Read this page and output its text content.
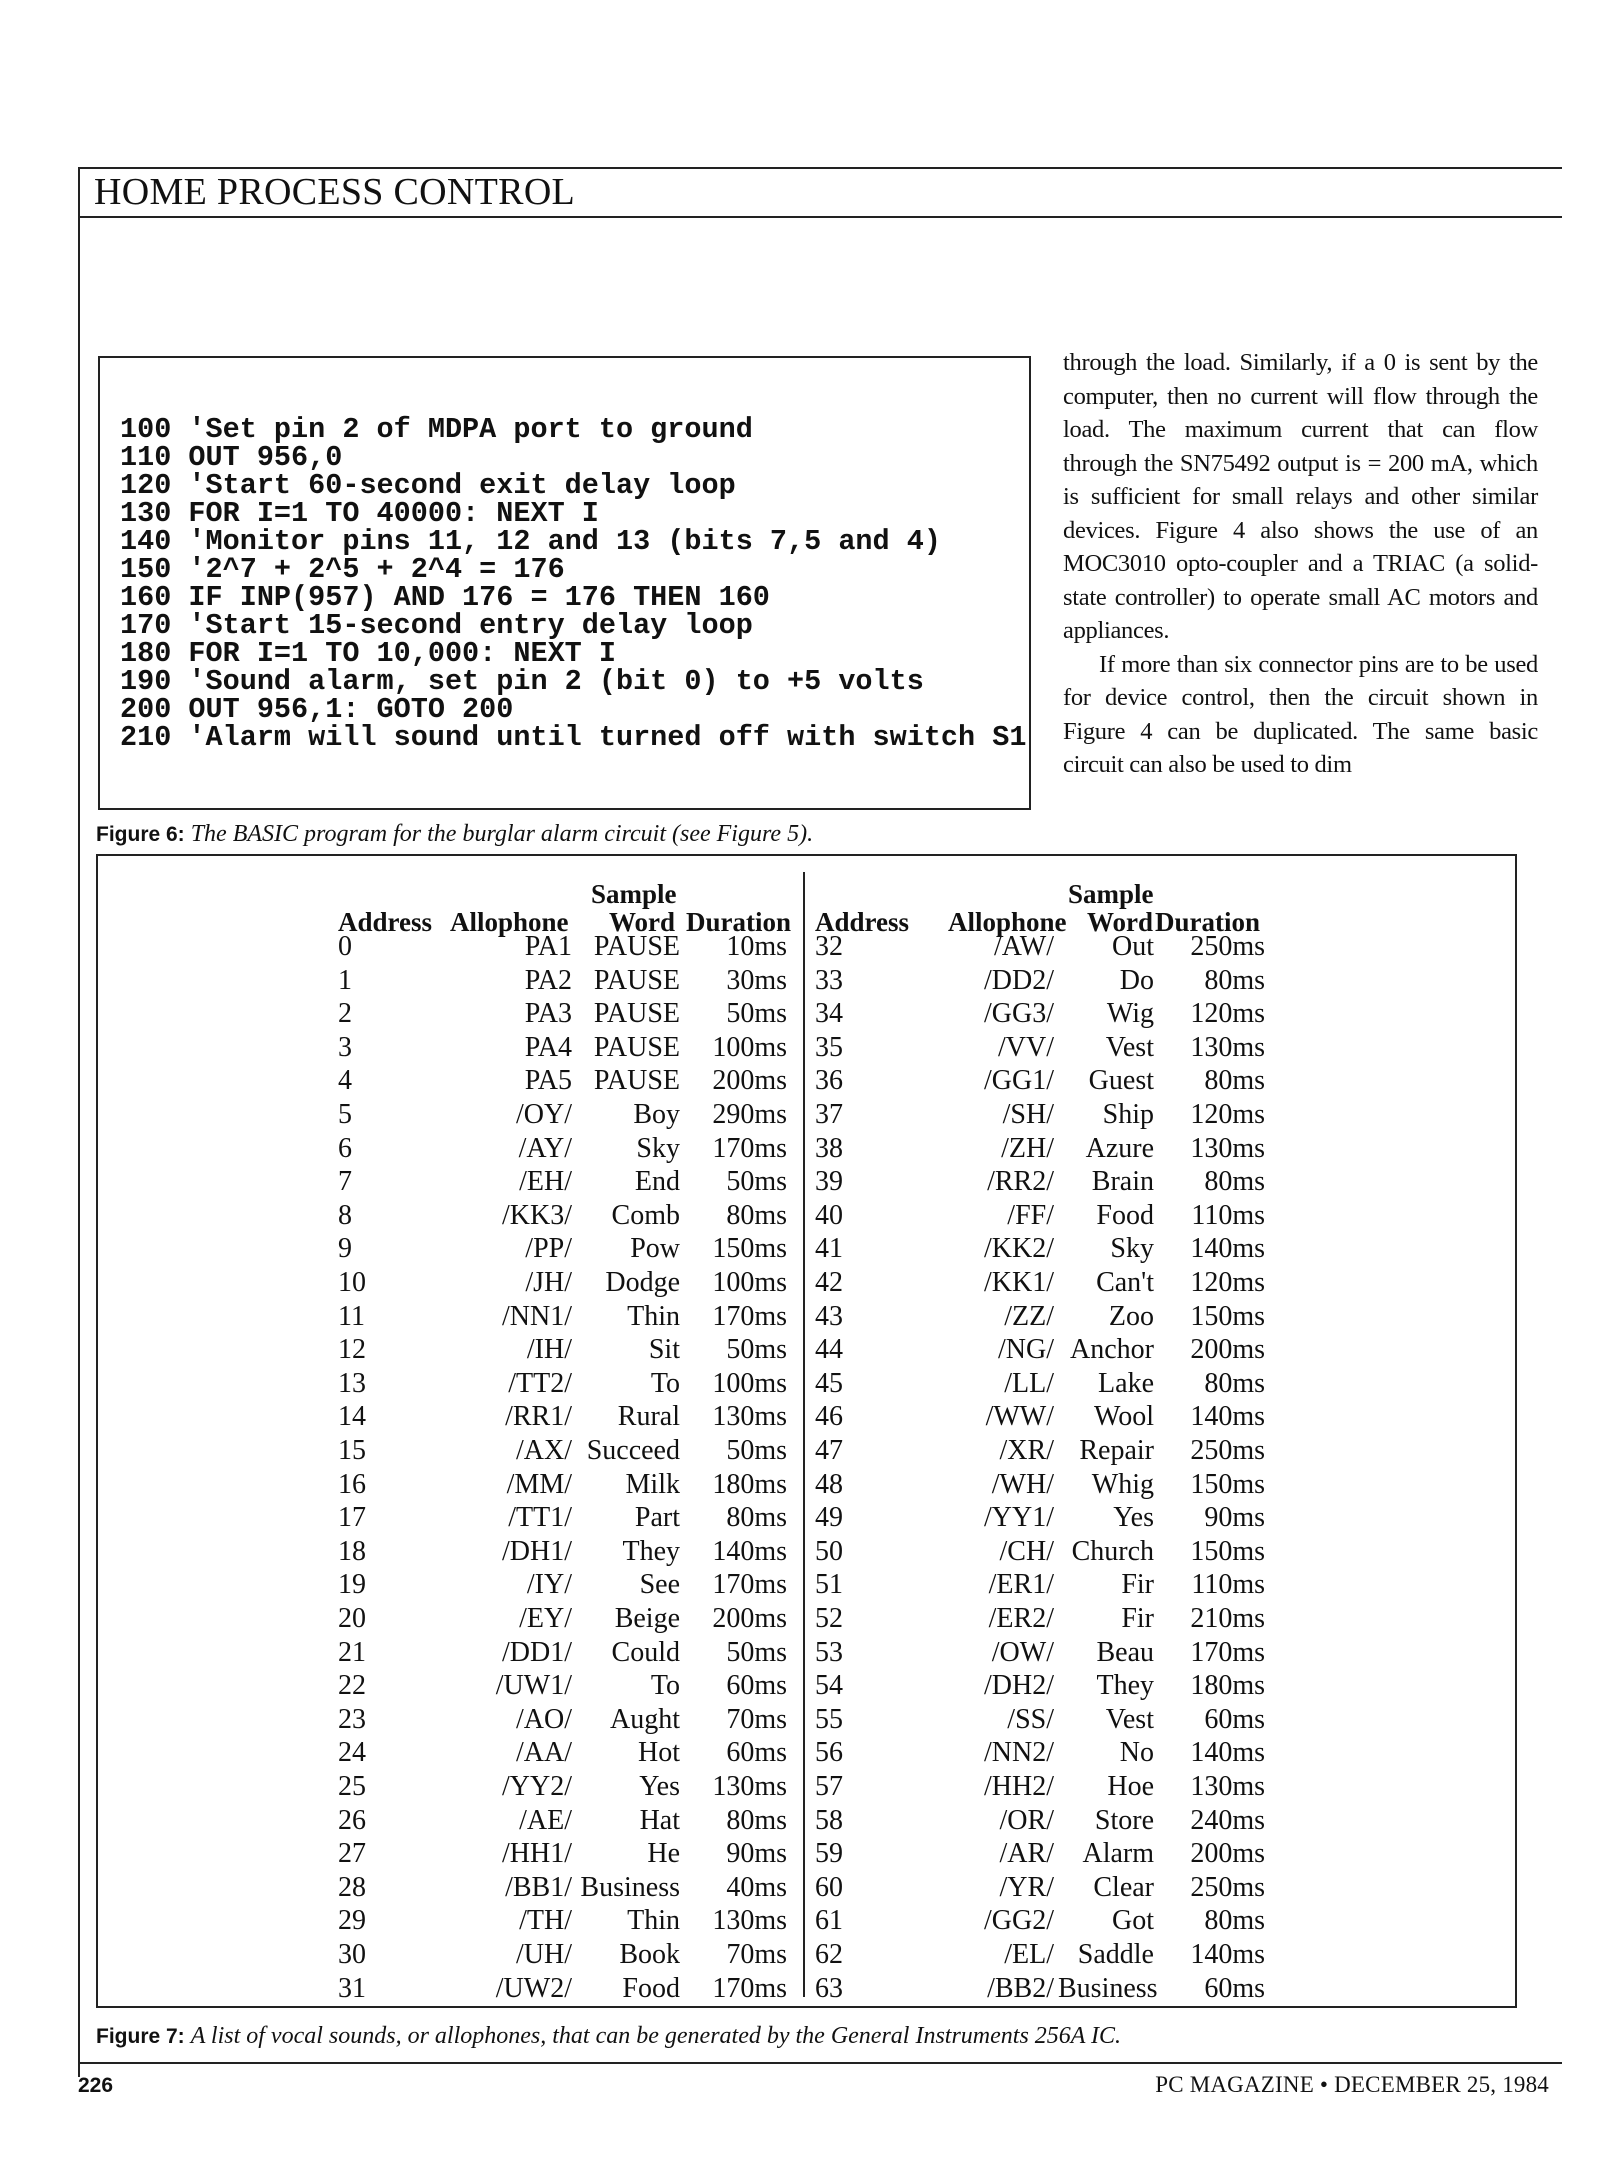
HOME PROCESS CONTROL
100 'Set pin 2 of MDPA port to ground
110 OUT 956,0
120 'Start 60-second exit delay loop
130 FOR I=1 TO 40000: NEXT I
140 'Monitor pins 11, 12 and 13 (bits 7,5 and 4)
150 '2^7 + 2^5 + 2^4 = 176
160 IF INP(957) AND 176 = 176 THEN 160
170 'Start 15-second entry delay loop
180 FOR I=1 TO 10,000: NEXT I
190 'Sound alarm, set pin 2 (bit 0) to +5 volts
200 OUT 956,1: GOTO 200
210 'Alarm will sound until turned off with switch S1
Figure 6: The BASIC program for the burglar alarm circuit (see Figure 5).

through the load. Similarly, if a 0 is sent by the computer, then no current will flow through the load. The maximum current that can flow through the SN75492 output is = 200 mA, which is sufficient for small relays and other similar devices. Figure 4 also shows the use of an MOC3010 opto-coupler and a TRIAC (a solid-state controller) to operate small AC motors and appliances.

If more than six connector pins are to be used for device control, then the circuit shown in Figure 4 can be duplicated. The same basic circuit can also be used to dim

Address Allophone
Sample
Word Duration
0	PA1 PAUSE	10ms
1	PA2 PAUSE	30ms
2	PA3 PAUSE	50ms
3	PA4 PAUSE	100ms
4	PA5 PAUSE	200ms
5	/OY/	Boy	290ms
6	/AY/	Sky	170ms
7	/EH/	End	50ms
8	/KK3/	Comb	80ms
9	/PP/	Pow	150ms
10	/JH/	Dodge	100ms
11	/NN1/	Thin	170ms
12	/IH/	Sit	50ms
13	/TT2/	To	100ms
14	/RR1/	Rural	130ms
15	/AX/ Succeed	50ms
16	/MM/	Milk	180ms
17	/TT1/	Part	80ms
18	/DH1/	They	140ms
19	/IY/	See	170ms
20	/EY/	Beige	200ms
21	/DD1/	Could	50ms
22	/UW1/	To	60ms
23	/AO/	Aught	70ms
24	/AA/	Hot	60ms
25	/YY2/	Yes	130ms
26	/AE/	Hat	80ms
27	/HH1/	He	90ms
28	/BB1/ Business	40ms
29	/TH/	Thin	130ms
30	/UH/	Book	70ms
31	/UW2/	Food	170ms
Address Allophone
Sample
Word Duration
32	/AW/	Out	250ms
33	/DD2/	Do	80ms
34	/GG3/	Wig	120ms
35	/VV/	Vest	130ms
36	/GG1/	Guest	80ms
37	/SH/	Ship	120ms
38	/ZH/	Azure	130ms
39	/RR2/	Brain	80ms
40	/FF/	Food	110ms
41	/KK2/	Sky	140ms
42	/KK1/	Can't	120ms
43	/ZZ/	Zoo	150ms
44	/NG/ Anchor	200ms
45	/LL/	Lake	80ms
46	/WW/	Wool	140ms
47	/XR/ Repair	250ms
48	/WH/	Whig	150ms
49	/YY1/	Yes	90ms
50	/CH/ Church	150ms
51	/ER1/	Fir	110ms
52	/ER2/	Fir	210ms
53	/OW/	Beau	170ms
54	/DH2/	They	180ms
55	/SS/	Vest	60ms
56	/NN2/	No	140ms
57	/HH2/	Hoe	130ms
58	/OR/	Store	240ms
59	/AR/	Alarm	200ms
60	/YR/	Clear	250ms
61	/GG2/	Got	80ms
62	/EL/ Saddle	140ms
63	/BB2/ Business	60ms
Figure 7: A list of vocal sounds, or allophones, that can be generated by the General Instruments 256A IC.
226	PC MAGAZINE • DECEMBER 25, 1984
